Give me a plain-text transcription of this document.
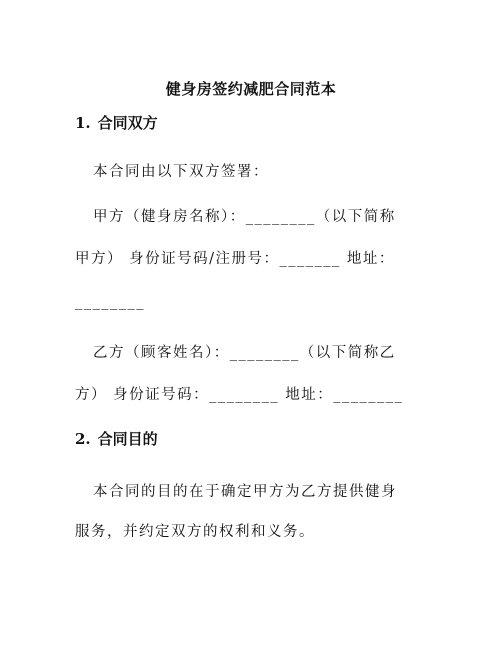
健身房签约减肥合同范本
1. 合同双方
本合同由以下双方签署：
甲方（健身房名称）：________（以下简称
甲方） 身份证号码/注册号：_______ 地址：
________
乙方（顾客姓名）：________（以下简称乙
方） 身份证号码：________ 地址：________
2. 合同目的
本合同的目的在于确定甲方为乙方提供健身
服务，并约定双方的权利和义务。
